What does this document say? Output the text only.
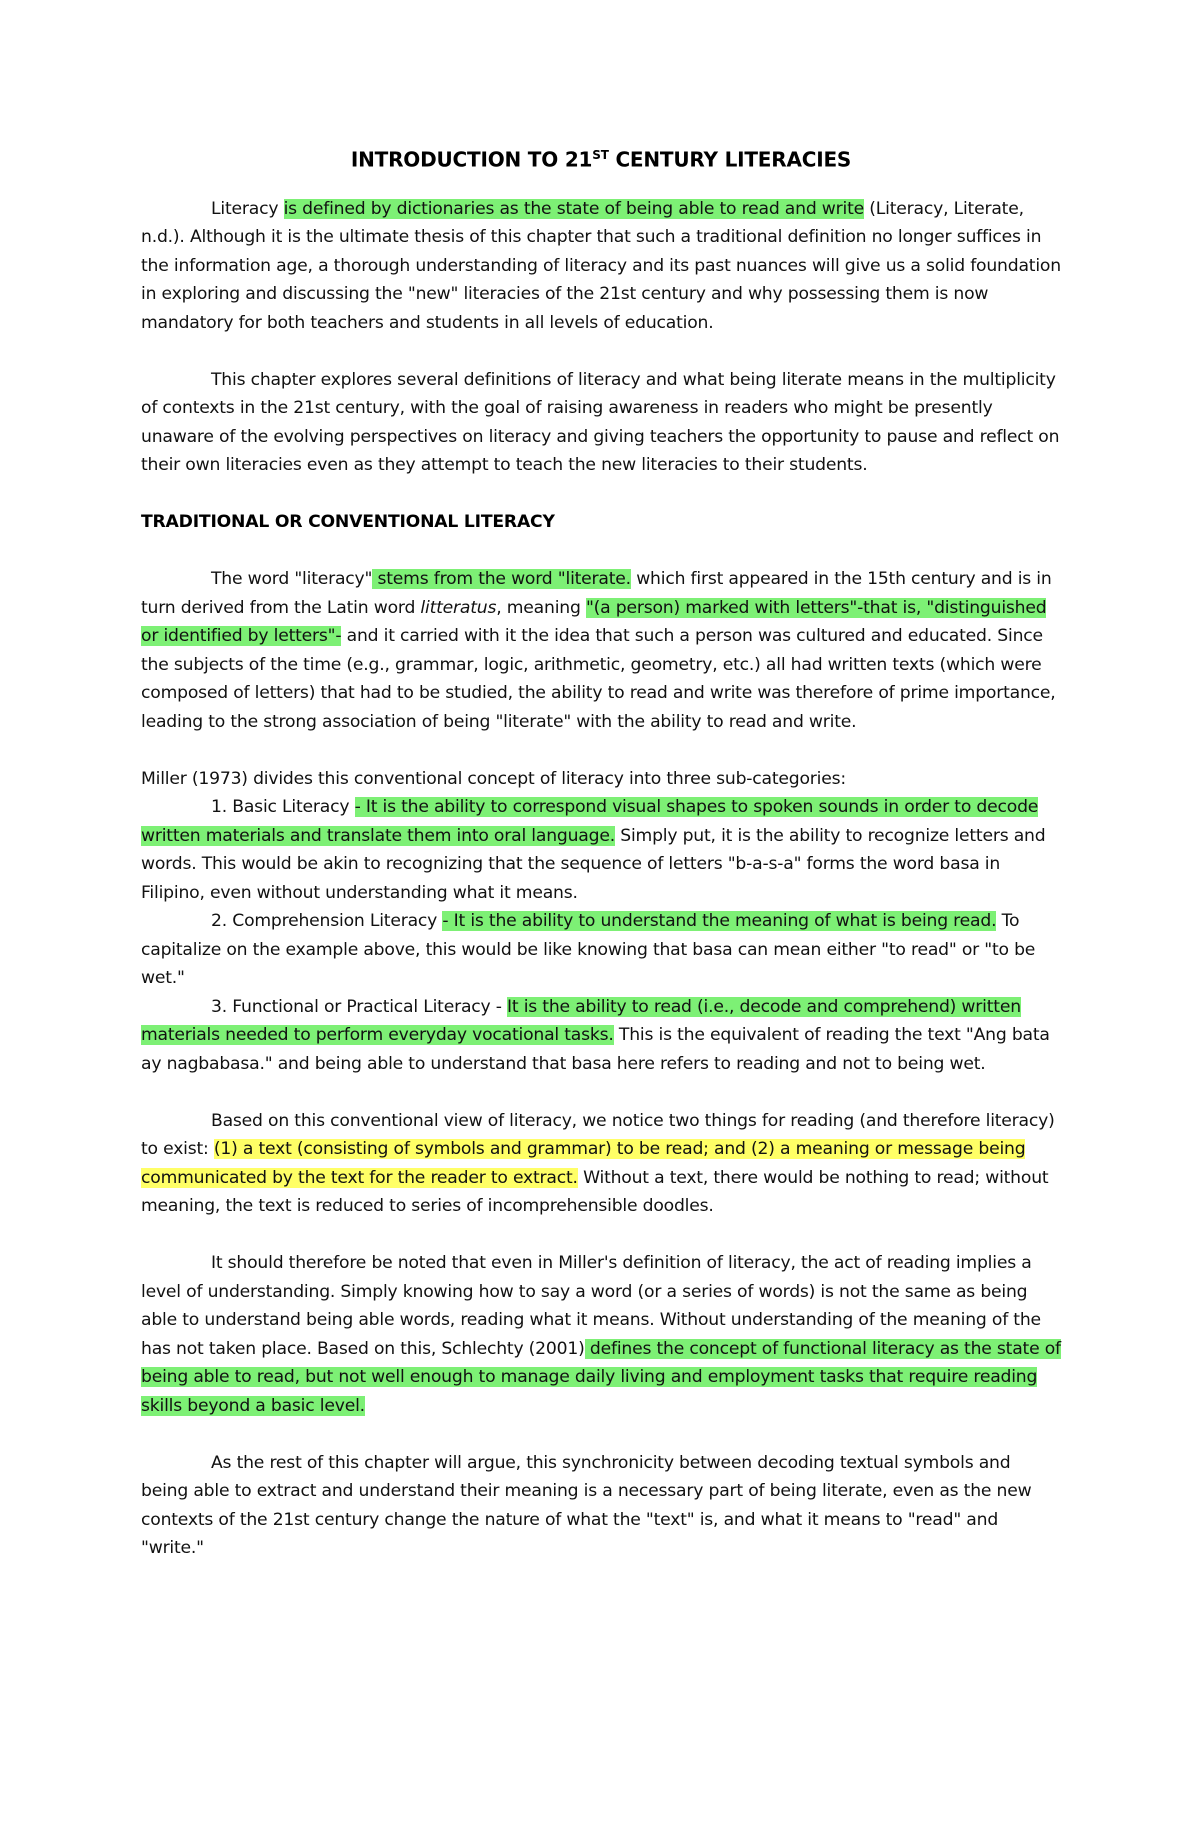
INTRODUCTION TO 21ST CENTURY LITERACIES

Literacy is defined by dictionaries as the state of being able to read and write (Literacy, Literate, n.d.). Although it is the ultimate thesis of this chapter that such a traditional definition no longer suffices in the information age, a thorough understanding of literacy and its past nuances will give us a solid foundation in exploring and discussing the "new" literacies of the 21st century and why possessing them is now mandatory for both teachers and students in all levels of education.

This chapter explores several definitions of literacy and what being literate means in the multiplicity of contexts in the 21st century, with the goal of raising awareness in readers who might be presently unaware of the evolving perspectives on literacy and giving teachers the opportunity to pause and reflect on their own literacies even as they attempt to teach the new literacies to their students.

TRADITIONAL OR CONVENTIONAL LITERACY

The word "literacy" stems from the word "literate. which first appeared in the 15th century and is in turn derived from the Latin word litteratus, meaning "(a person) marked with letters"-that is, "distinguished or identified by letters"- and it carried with it the idea that such a person was cultured and educated. Since the subjects of the time (e.g., grammar, logic, arithmetic, geometry, etc.) all had written texts (which were composed of letters) that had to be studied, the ability to read and write was therefore of prime importance, leading to the strong association of being "literate" with the ability to read and write.

Miller (1973) divides this conventional concept of literacy into three sub-categories:

1. Basic Literacy - It is the ability to correspond visual shapes to spoken sounds in order to decode written materials and translate them into oral language. Simply put, it is the ability to recognize letters and words. This would be akin to recognizing that the sequence of letters "b-a-s-a" forms the word basa in Filipino, even without understanding what it means.

2. Comprehension Literacy - It is the ability to understand the meaning of what is being read. To capitalize on the example above, this would be like knowing that basa can mean either "to read" or "to be wet."

3. Functional or Practical Literacy - It is the ability to read (i.e., decode and comprehend) written materials needed to perform everyday vocational tasks. This is the equivalent of reading the text "Ang bata ay nagbabasa." and being able to understand that basa here refers to reading and not to being wet.

Based on this conventional view of literacy, we notice two things for reading (and therefore literacy) to exist: (1) a text (consisting of symbols and grammar) to be read; and (2) a meaning or message being communicated by the text for the reader to extract. Without a text, there would be nothing to read; without meaning, the text is reduced to series of incomprehensible doodles.

It should therefore be noted that even in Miller's definition of literacy, the act of reading implies a level of understanding. Simply knowing how to say a word (or a series of words) is not the same as being able to understand being able words, reading what it means. Without understanding of the meaning of the has not taken place. Based on this, Schlechty (2001) defines the concept of functional literacy as the state of being able to read, but not well enough to manage daily living and employment tasks that require reading skills beyond a basic level.

As the rest of this chapter will argue, this synchronicity between decoding textual symbols and being able to extract and understand their meaning is a necessary part of being literate, even as the new contexts of the 21st century change the nature of what the "text" is, and what it means to "read" and "write."
